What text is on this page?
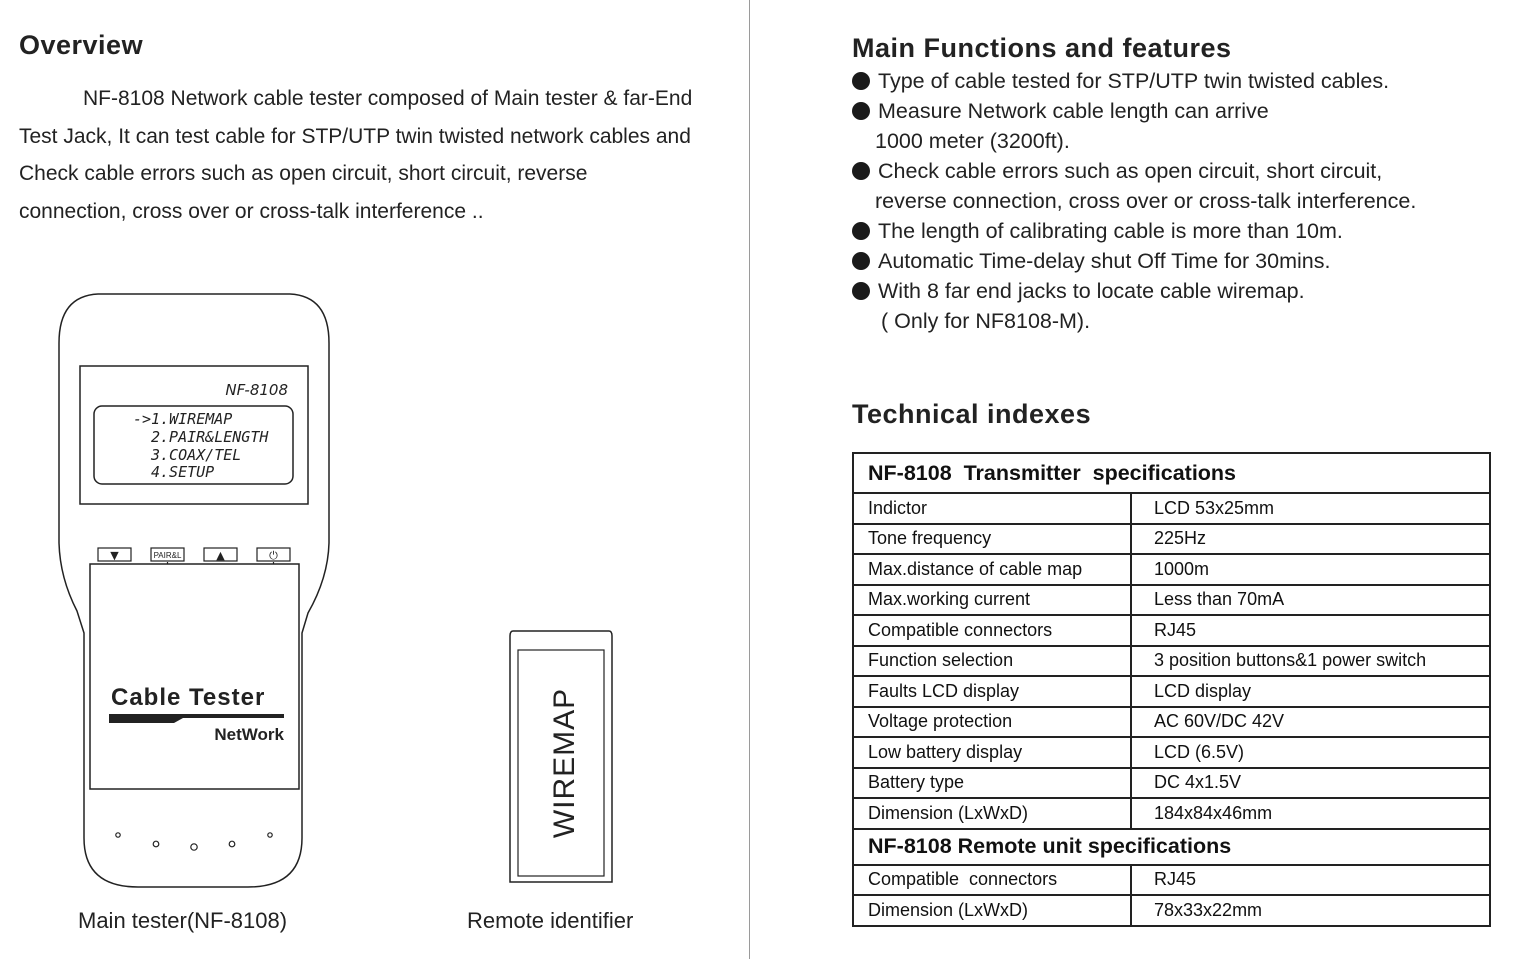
Overview
NF-8108 Network cable tester composed of Main tester & far-End Test Jack, It can test cable for STP/UTP twin twisted network cables and Check cable errors such as open circuit, short circuit, reverse connection, cross over or cross-talk interference ..
NF-8108
->1.WIREMAP
2.PAIR&LENGTH
3.COAX/TEL
4.SETUP
▼	PAIR&L	▲	⏻
Cable Tester
NetWork	WIREMAP
Main tester(NF-8108)	Remote identifier
Main Functions and features
Type of cable tested for STP/UTP twin twisted cables.
Measure Network cable length can arrive
1000 meter (3200ft).
Check cable errors such as open circuit, short circuit,
reverse connection, cross over or cross-talk interference.
The length of calibrating cable is more than 10m.
Automatic Time-delay shut Off Time for 30mins.
With 8 far end jacks to locate cable wiremap.
( Only for NF8108-M).
Technical indexes
NF-8108  Transmitter  specifications	
Indictor	LCD 53x25mm
Tone frequency	225Hz
Max.distance of cable map	1000m
Max.working current	Less than 70mA
Compatible connectors	RJ45
Function selection	3 position buttons&1 power switch
Faults LCD display	LCD display
Voltage protection	AC 60V/DC 42V
Low battery display	LCD (6.5V)
Battery type	DC 4x1.5V
Dimension (LxWxD)	184x84x46mm
NF-8108 Remote unit specifications	
Compatible  connectors	RJ45
Dimension (LxWxD)	78x33x22mm
